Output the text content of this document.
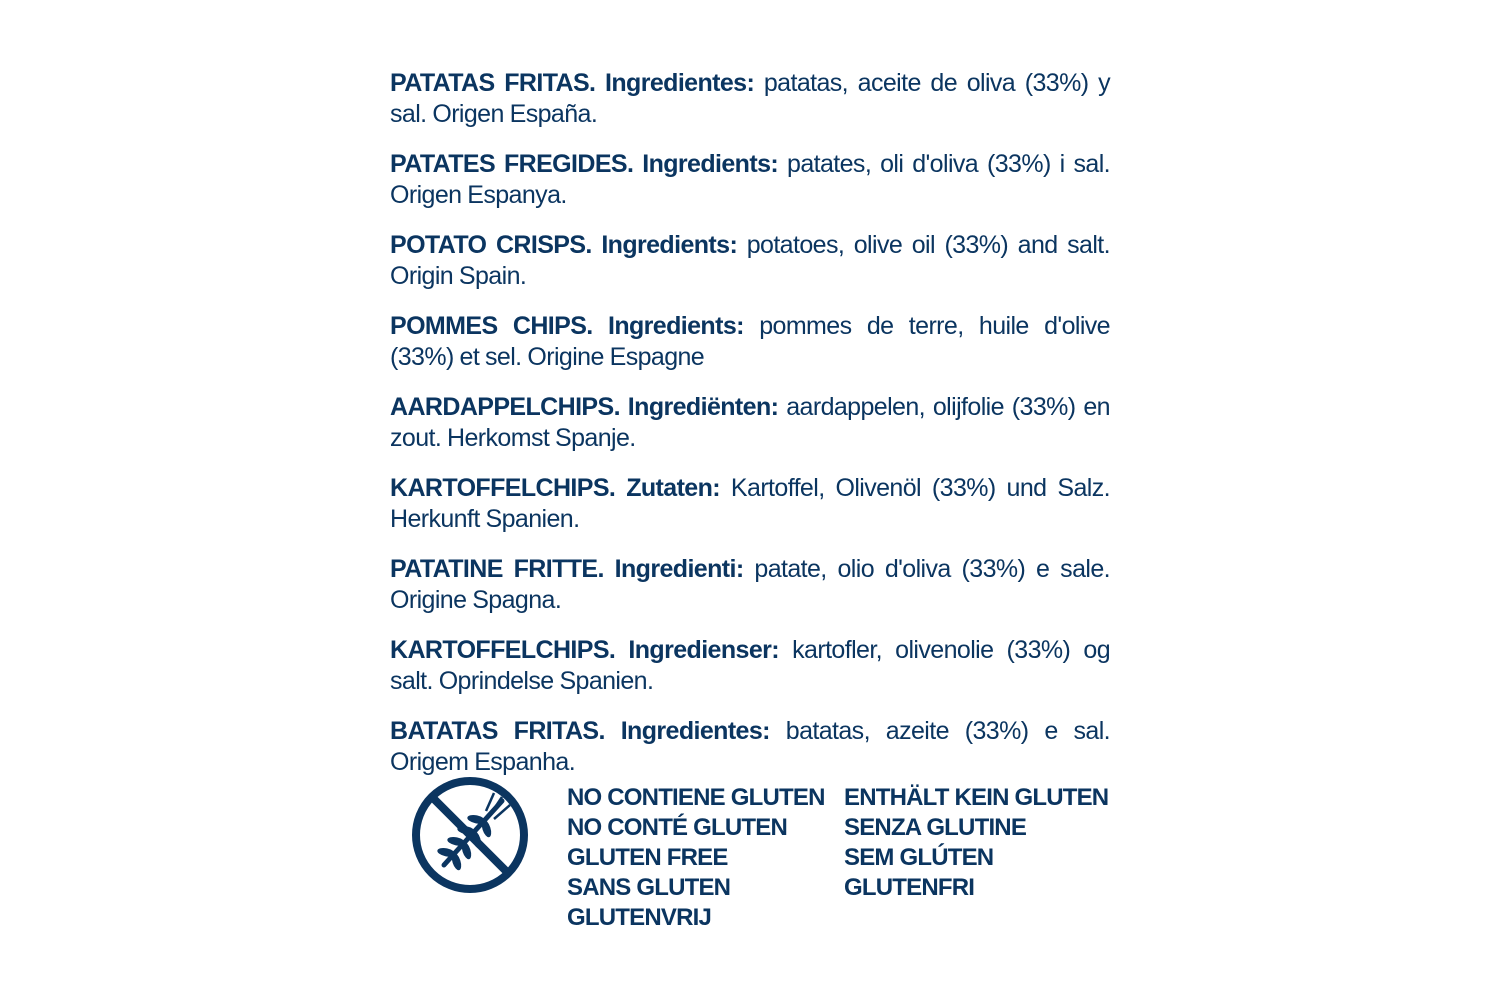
PATATAS FRITAS. Ingredientes: patatas, aceite de oliva (33%) y sal. Origen España.

PATATES FREGIDES. Ingredients: patates, oli d'oliva (33%) i sal. Origen Espanya.

POTATO CRISPS. Ingredients: potatoes, olive oil (33%) and salt. Origin Spain.

POMMES CHIPS. Ingredients: pommes de terre, huile d'olive (33%) et sel. Origine Espagne

AARDAPPELCHIPS. Ingrediënten: aardappelen, olijfolie (33%) en zout. Herkomst Spanje.

KARTOFFELCHIPS. Zutaten: Kartoffel, Olivenöl (33%) und Salz. Herkunft Spanien.

PATATINE FRITTE. Ingredienti: patate, olio d'oliva (33%) e sale. Origine Spagna.

KARTOFFELCHIPS. Ingredienser: kartofler, olivenolie (33%) og salt. Oprindelse Spanien.

BATATAS FRITAS. Ingredientes: batatas, azeite (33%) e sal. Origem Espanha.

NO CONTIENE GLUTEN
NO CONTÉ GLUTEN
GLUTEN FREE
SANS GLUTEN
GLUTENVRIJ
ENTHÄLT KEIN GLUTEN
SENZA GLUTINE
SEM GLÚTEN
GLUTENFRI
